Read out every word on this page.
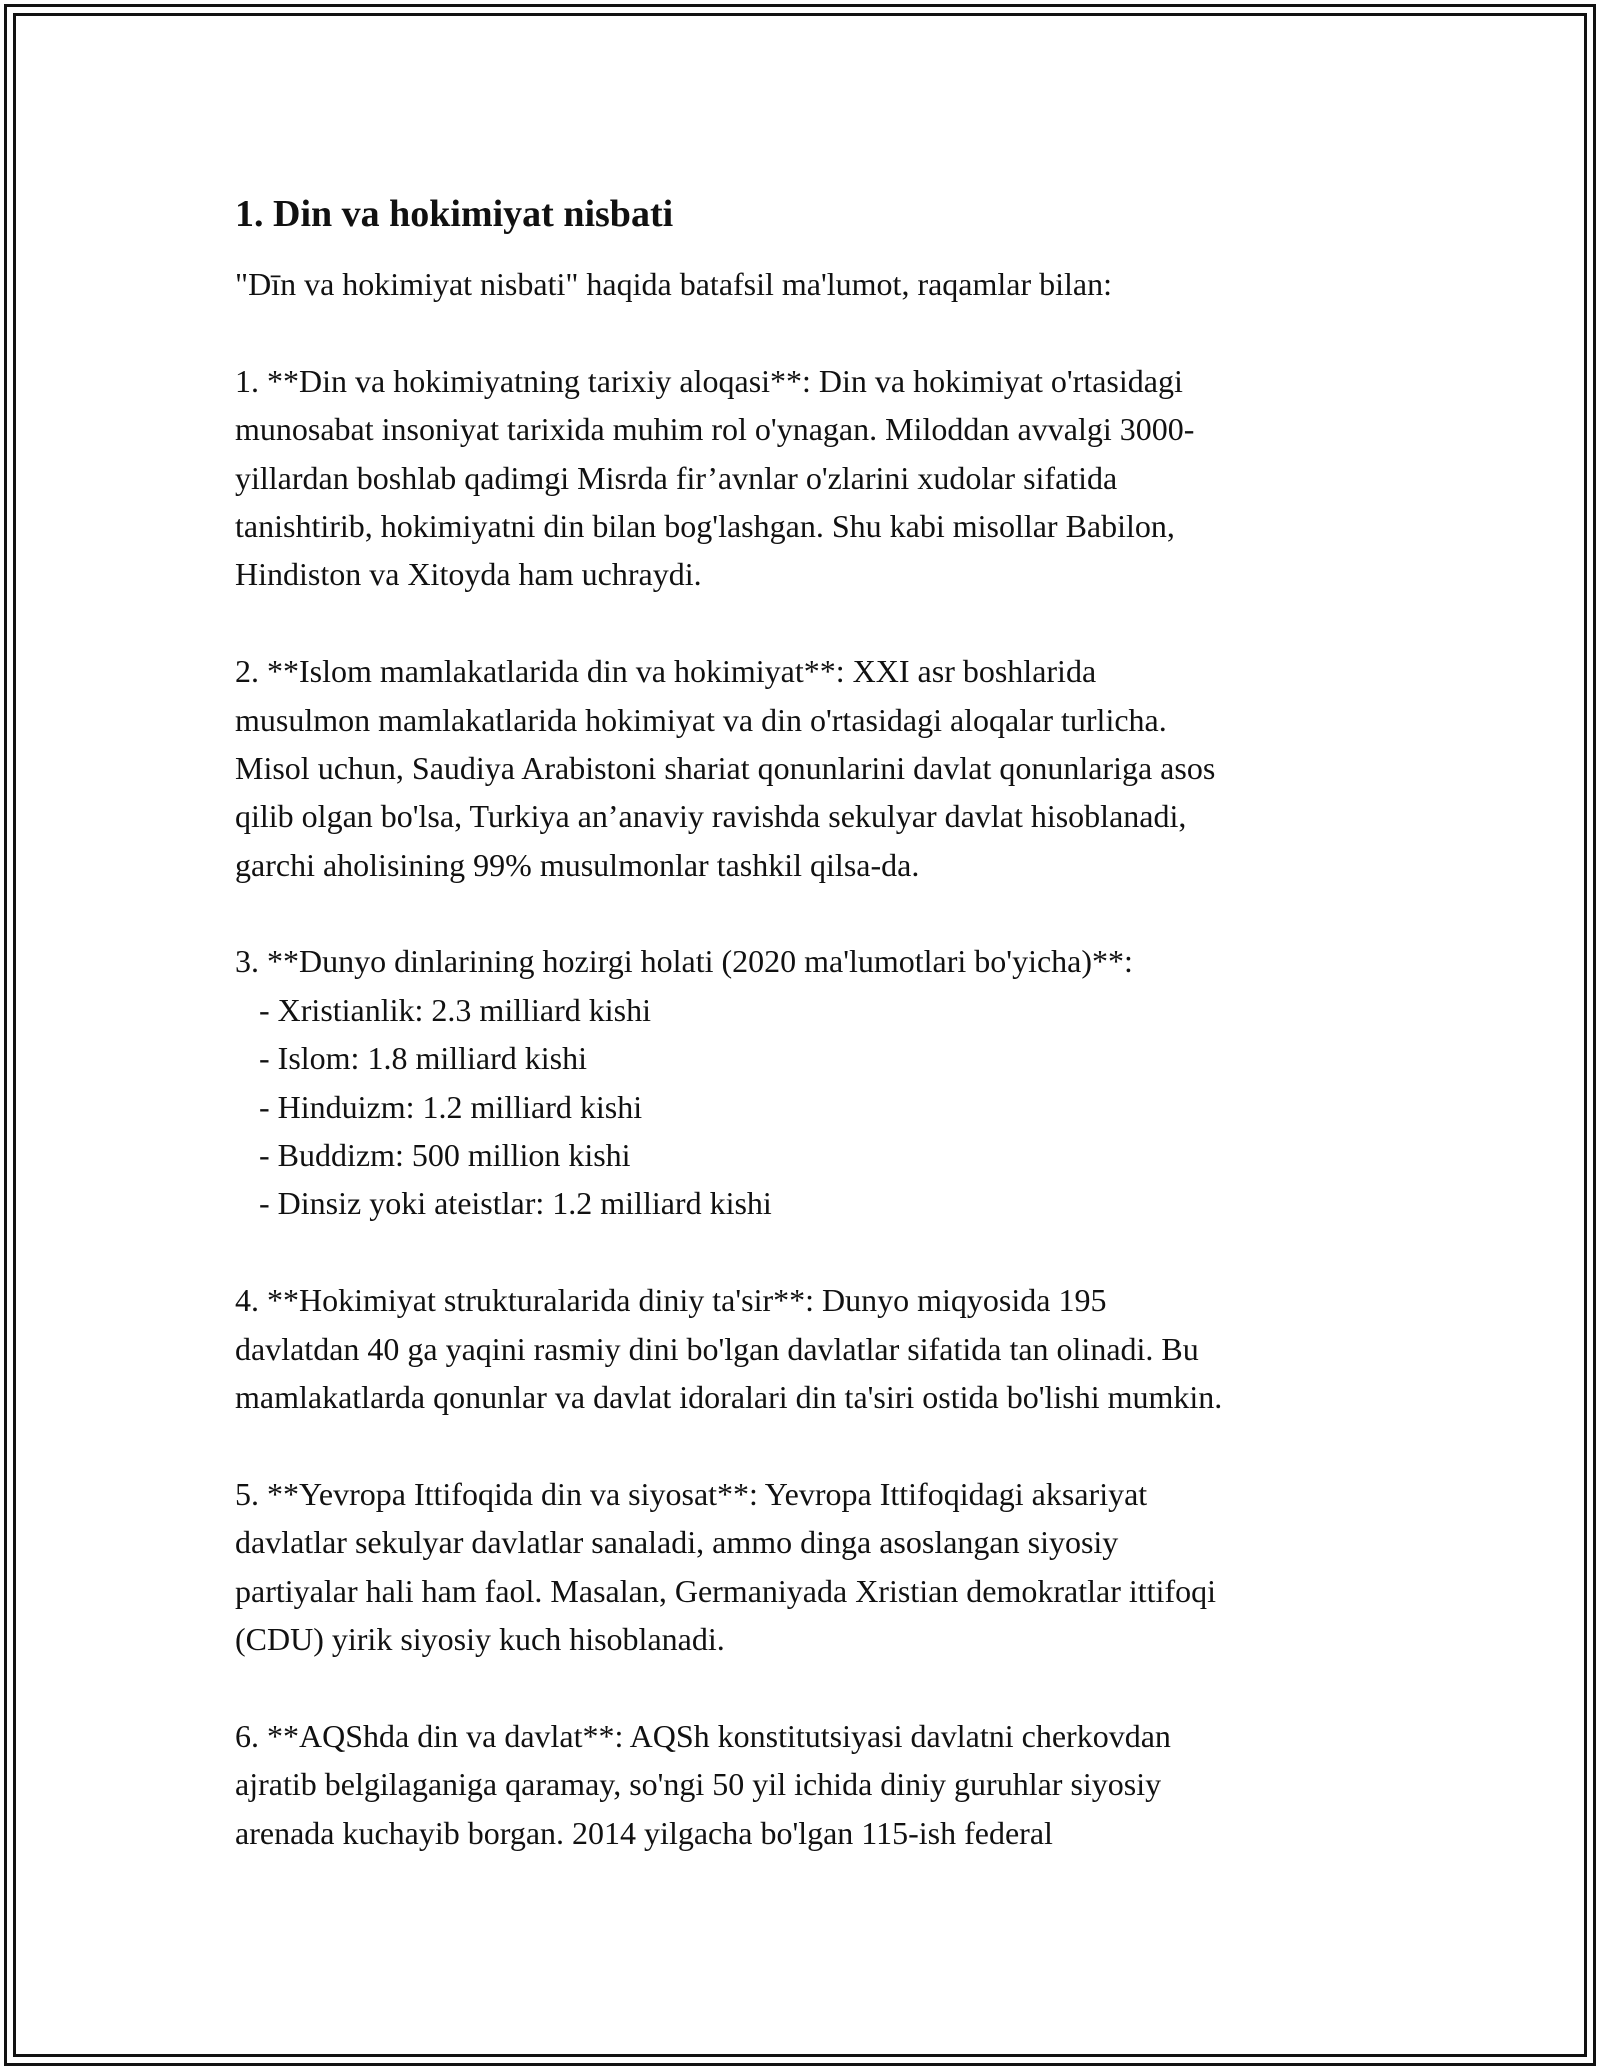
1. Din va hokimiyat nisbati
"Dīn va hokimiyat nisbati" haqida batafsil ma'lumot, raqamlar bilan:
1. **Din va hokimiyatning tarixiy aloqasi**: Din va hokimiyat o'rtasidagi
munosabat insoniyat tarixida muhim rol o'ynagan. Miloddan avvalgi 3000-
yillardan boshlab qadimgi Misrda fir’avnlar o'zlarini xudolar sifatida
tanishtirib, hokimiyatni din bilan bog'lashgan. Shu kabi misollar Babilon,
Hindiston va Xitoyda ham uchraydi.
2. **Islom mamlakatlarida din va hokimiyat**: XXI asr boshlarida
musulmon mamlakatlarida hokimiyat va din o'rtasidagi aloqalar turlicha.
Misol uchun, Saudiya Arabistoni shariat qonunlarini davlat qonunlariga asos
qilib olgan bo'lsa, Turkiya an’anaviy ravishda sekulyar davlat hisoblanadi,
garchi aholisining 99% musulmonlar tashkil qilsa-da.
3. **Dunyo dinlarining hozirgi holati (2020 ma'lumotlari bo'yicha)**:
- Xristianlik: 2.3 milliard kishi
- Islom: 1.8 milliard kishi
- Hinduizm: 1.2 milliard kishi
- Buddizm: 500 million kishi
- Dinsiz yoki ateistlar: 1.2 milliard kishi
4. **Hokimiyat strukturalarida diniy ta'sir**: Dunyo miqyosida 195
davlatdan 40 ga yaqini rasmiy dini bo'lgan davlatlar sifatida tan olinadi. Bu
mamlakatlarda qonunlar va davlat idoralari din ta'siri ostida bo'lishi mumkin.
5. **Yevropa Ittifoqida din va siyosat**: Yevropa Ittifoqidagi aksariyat
davlatlar sekulyar davlatlar sanaladi, ammo dinga asoslangan siyosiy
partiyalar hali ham faol. Masalan, Germaniyada Xristian demokratlar ittifoqi
(CDU) yirik siyosiy kuch hisoblanadi.
6. **AQShda din va davlat**: AQSh konstitutsiyasi davlatni cherkovdan
ajratib belgilaganiga qaramay, so'ngi 50 yil ichida diniy guruhlar siyosiy
arenada kuchayib borgan. 2014 yilgacha bo'lgan 115-ish federal
